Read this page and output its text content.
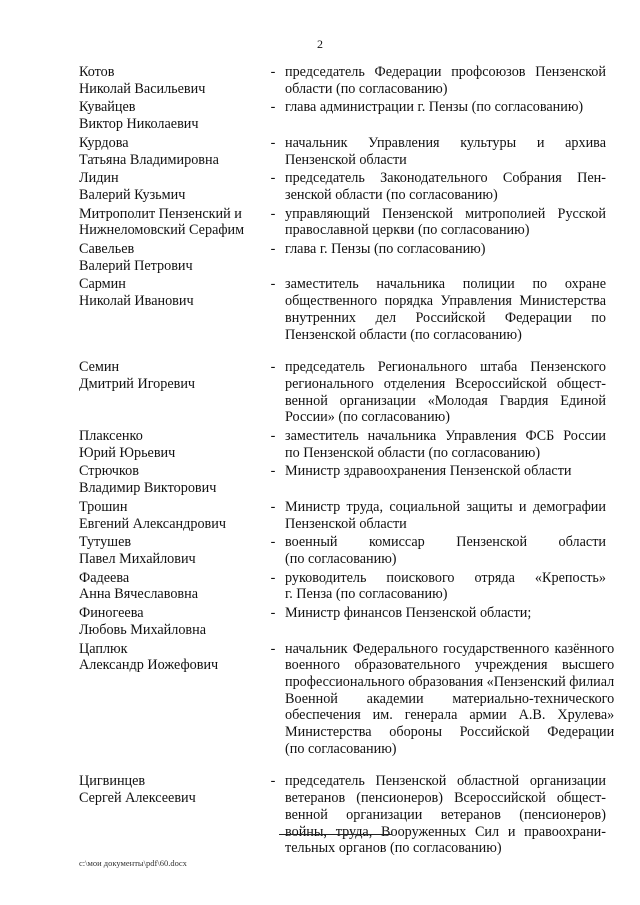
2
Котов
Николай Васильевич
- председатель Федерации профсоюзов Пензенской
области (по согласованию)
Кувайцев
Виктор Николаевич
- глава администрации г. Пензы (по согласованию)
Курдова
Татьяна Владимировна
- начальник Управления культуры и архива
Пензенской области
Лидин
Валерий Кузьмич
- председатель Законодательного Собрания Пен-
зенской области (по согласованию)
Митрополит Пензенский и
Нижнеломовский Серафим
- управляющий Пензенской митрополией Русской
православной церкви (по согласованию)
Савельев
Валерий Петрович
- глава г. Пензы (по согласованию)
Сармин
Николай Иванович
- заместитель начальника полиции по охране
общественного порядка Управления Министерства
внутренних дел Российской Федерации по
Пензенской области (по согласованию)
Семин
Дмитрий Игоревич
- председатель Регионального штаба Пензенского
регионального отделения Всероссийской общест-
венной организации «Молодая Гвардия Единой
России» (по согласованию)
Плаксенко
Юрий Юрьевич
- заместитель начальника Управления ФСБ России
по Пензенской области (по согласованию)
Стрючков
Владимир Викторович
- Министр здравоохранения Пензенской области
Трошин
Евгений Александрович
- Министр труда, социальной защиты и демографии
Пензенской области
Тутушев
Павел Михайлович
- военный комиссар Пензенской области
(по согласованию)
Фадеева
Анна Вячеславовна
- руководитель поискового отряда «Крепость»
г. Пенза (по согласованию)
Финогеева
Любовь Михайловна
- Министр финансов Пензенской области;
Цаплюк
Александр Иожефович
- начальник Федерального государственного казённого
военного образовательного учреждения высшего
профессионального образования «Пензенский филиал
Военной академии материально-технического
обеспечения им. генерала армии А.В. Хрулева»
Министерства обороны Российской Федерации
(по согласованию)
Цигвинцев
Сергей Алексеевич
- председатель Пензенской областной организации
ветеранов (пенсионеров) Всероссийской общест-
венной организации ветеранов (пенсионеров)
войны, труда, Вооруженных Сил и правоохрани-
тельных органов (по согласованию)
c:\мои документы\pdf\60.docx
